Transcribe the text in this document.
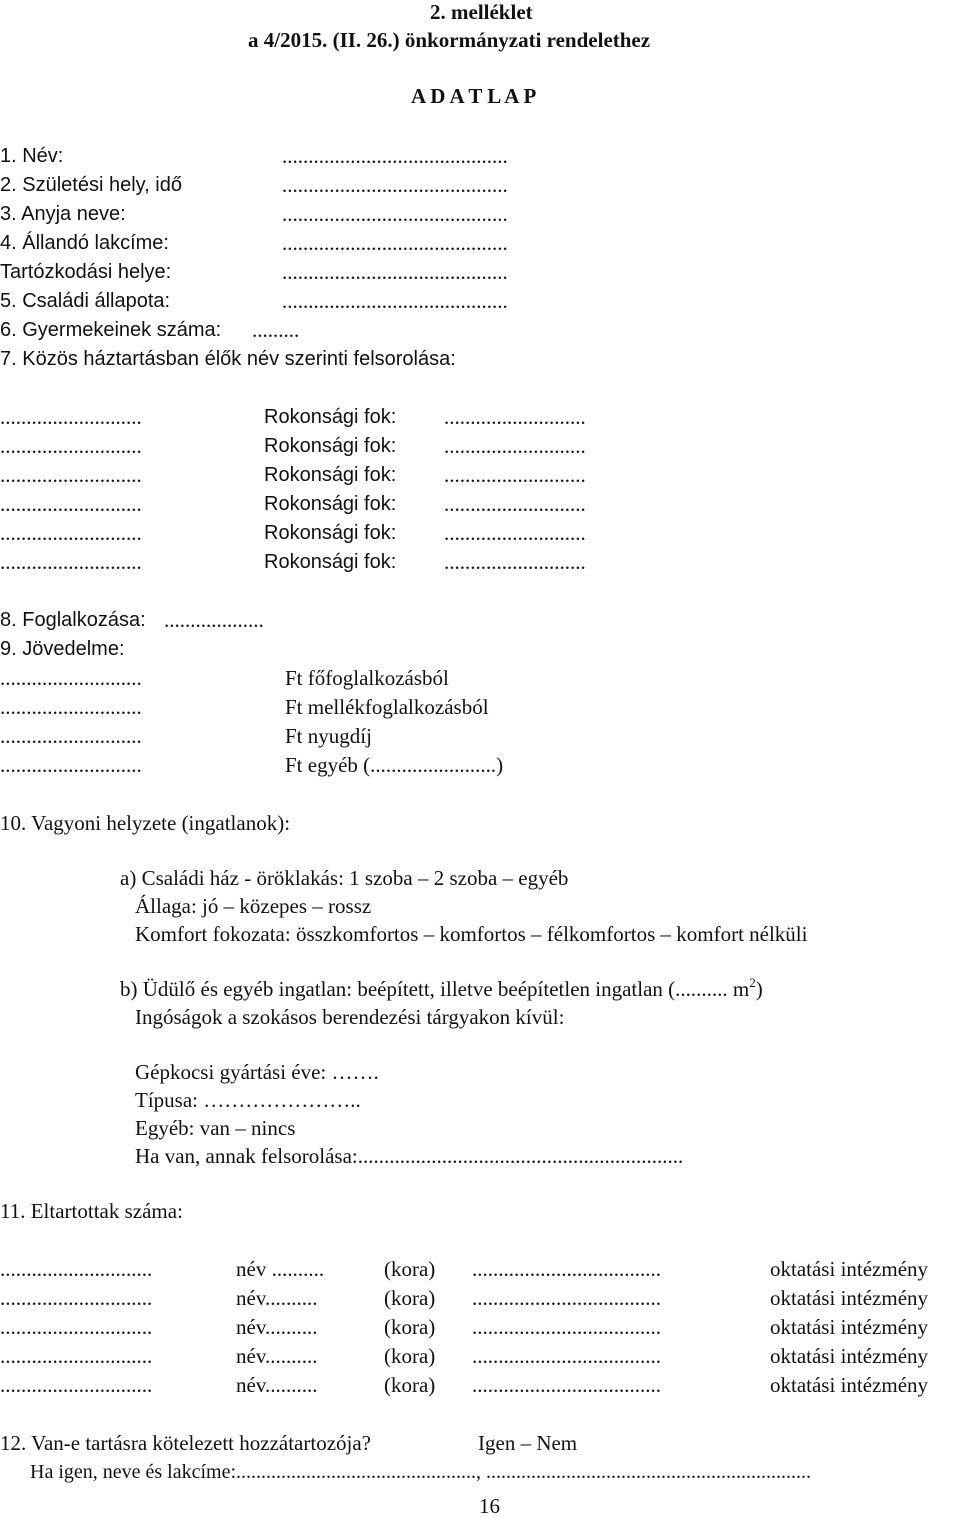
2. melléklet
a 4/2015. (II. 26.) önkormányzati rendelethez
A D A T L A P
1. Név:	...........................................
2. Születési hely, idő	...........................................
3. Anyja neve:	...........................................
4. Állandó lakcíme:	...........................................
Tartózkodási helye:	...........................................
5. Családi állapota:	...........................................
6. Gyermekeinek száma: .........
7. Közös háztartásban élők név szerinti felsorolása:
...........................	Rokonsági fok: ...........................
...........................	Rokonsági fok: ...........................
...........................	Rokonsági fok: ...........................
...........................	Rokonsági fok: ...........................
...........................	Rokonsági fok: ...........................
...........................	Rokonsági fok: ...........................
8. Foglalkozása: ...................
9. Jövedelme:
...........................	Ft főfoglalkozásból
...........................	Ft mellékfoglalkozásból
...........................	Ft nyugdíj
...........................	Ft egyéb (........................)
10. Vagyoni helyzete (ingatlanok):
a) Családi ház - öröklakás: 1 szoba – 2 szoba – egyéb
Állaga: jó – közepes – rossz
Komfort fokozata: összkomfortos – komfortos – félkomfortos – komfort nélküli
b) Üdülő és egyéb ingatlan: beépített, illetve beépítetlen ingatlan (.......... $m^2$)
Ingóságok a szokásos berendezési tárgyakon kívül:
Gépkocsi gyártási éve: …….
Típusa: …………………..
Egyéb: van – nincs
Ha van, annak felsorolása:..............................................................
11. Eltartottak száma:
.............................	név ..........	(kora) ....................................	oktatási intézmény
.............................	név..........	(kora) ....................................	oktatási intézmény
.............................	név..........	(kora) ....................................	oktatási intézmény
.............................	név..........	(kora) ....................................	oktatási intézmény
.............................	név..........	(kora) ....................................	oktatási intézmény
12. Van-e tartásra kötelezett hozzátartozója?	Igen – Nem
Ha igen, neve és lakcíme:................................................, .................................................................
16
